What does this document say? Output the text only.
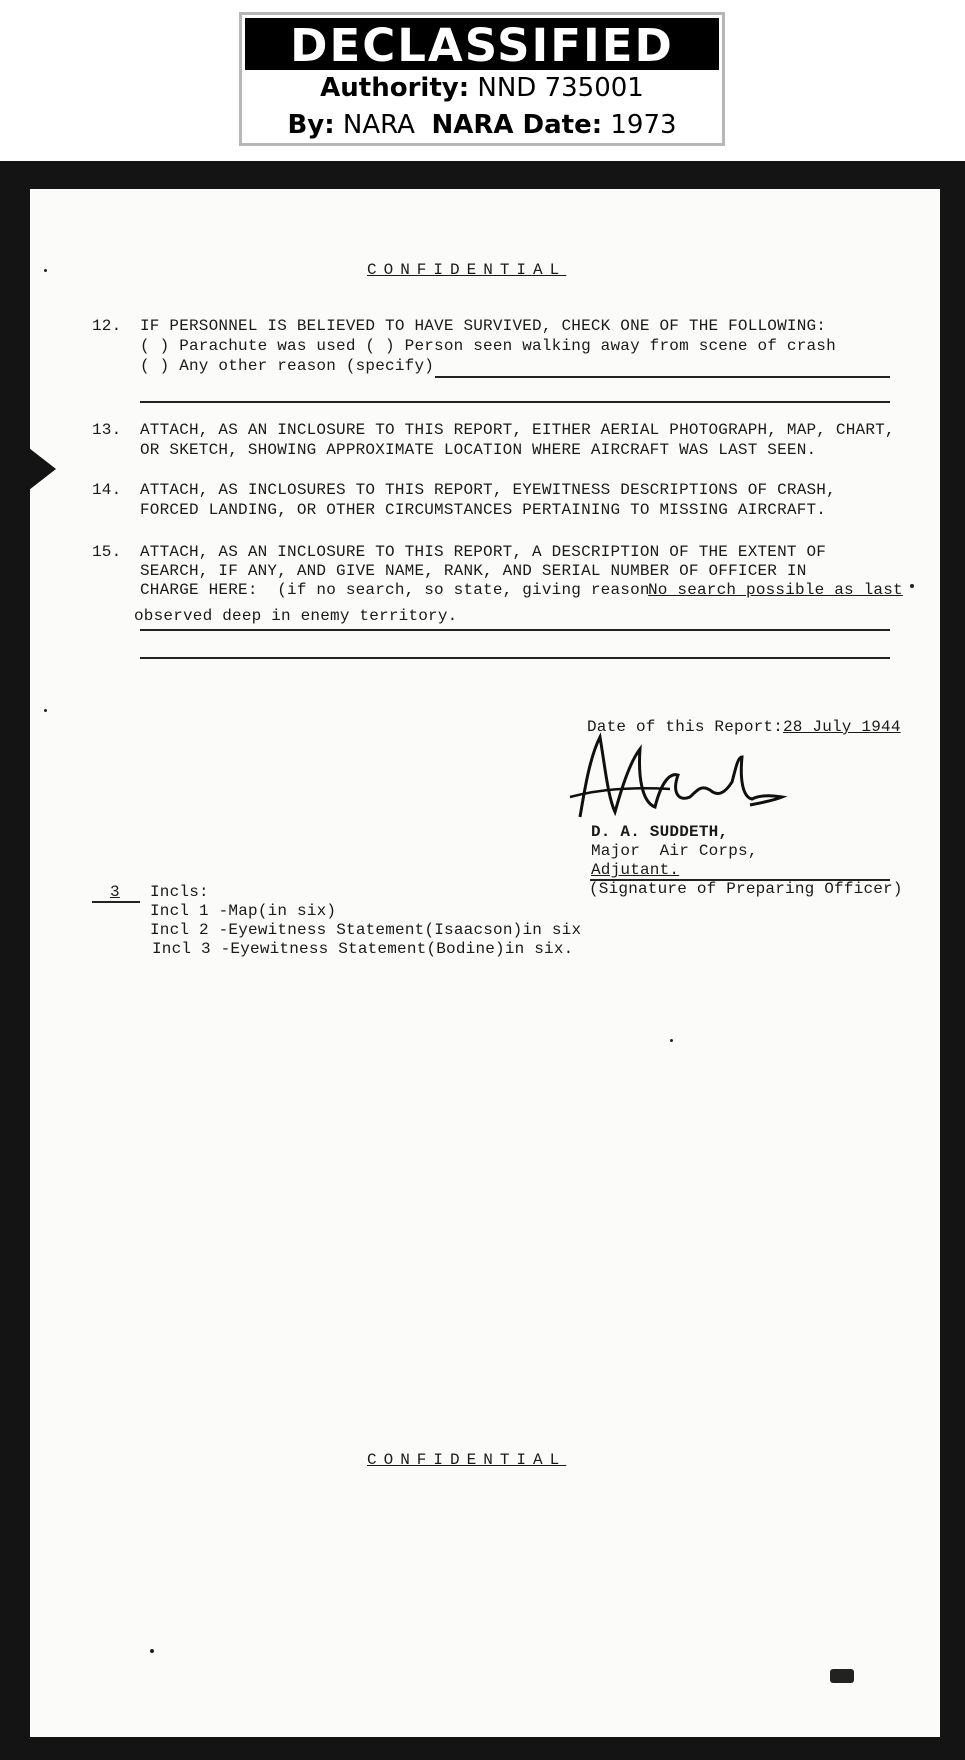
DECLASSIFIED
Authority: NND 735001
By: NARA NARA Date: 1973
CONFIDENTIAL
12. IF PERSONNEL IS BELIEVED TO HAVE SURVIVED, CHECK ONE OF THE FOLLOWING:
( ) Parachute was used ( ) Person seen walking away from scene of crash
( ) Any other reason (specify)
13. ATTACH, AS AN INCLOSURE TO THIS REPORT, EITHER AERIAL PHOTOGRAPH, MAP, CHART,
OR SKETCH, SHOWING APPROXIMATE LOCATION WHERE AIRCRAFT WAS LAST SEEN.
14. ATTACH, AS INCLOSURES TO THIS REPORT, EYEWITNESS DESCRIPTIONS OF CRASH,
FORCED LANDING, OR OTHER CIRCUMSTANCES PERTAINING TO MISSING AIRCRAFT.
15. ATTACH, AS AN INCLOSURE TO THIS REPORT, A DESCRIPTION OF THE EXTENT OF
SEARCH, IF ANY, AND GIVE NAME, RANK, AND SERIAL NUMBER OF OFFICER IN
CHARGE HERE:  (if no search, so state, giving reason
No search possible as last
observed deep in enemy territory.
Date of this Report: 28 July 1944
D. A. SUDDETH,
Major  Air Corps,
Adjutant.
(Signature of Preparing Officer)
3 Incls:
Incl 1 -Map(in six)
Incl 2 -Eyewitness Statement(Isaacson)in six
Incl 3 -Eyewitness Statement(Bodine)in six.
CONFIDENTIAL
